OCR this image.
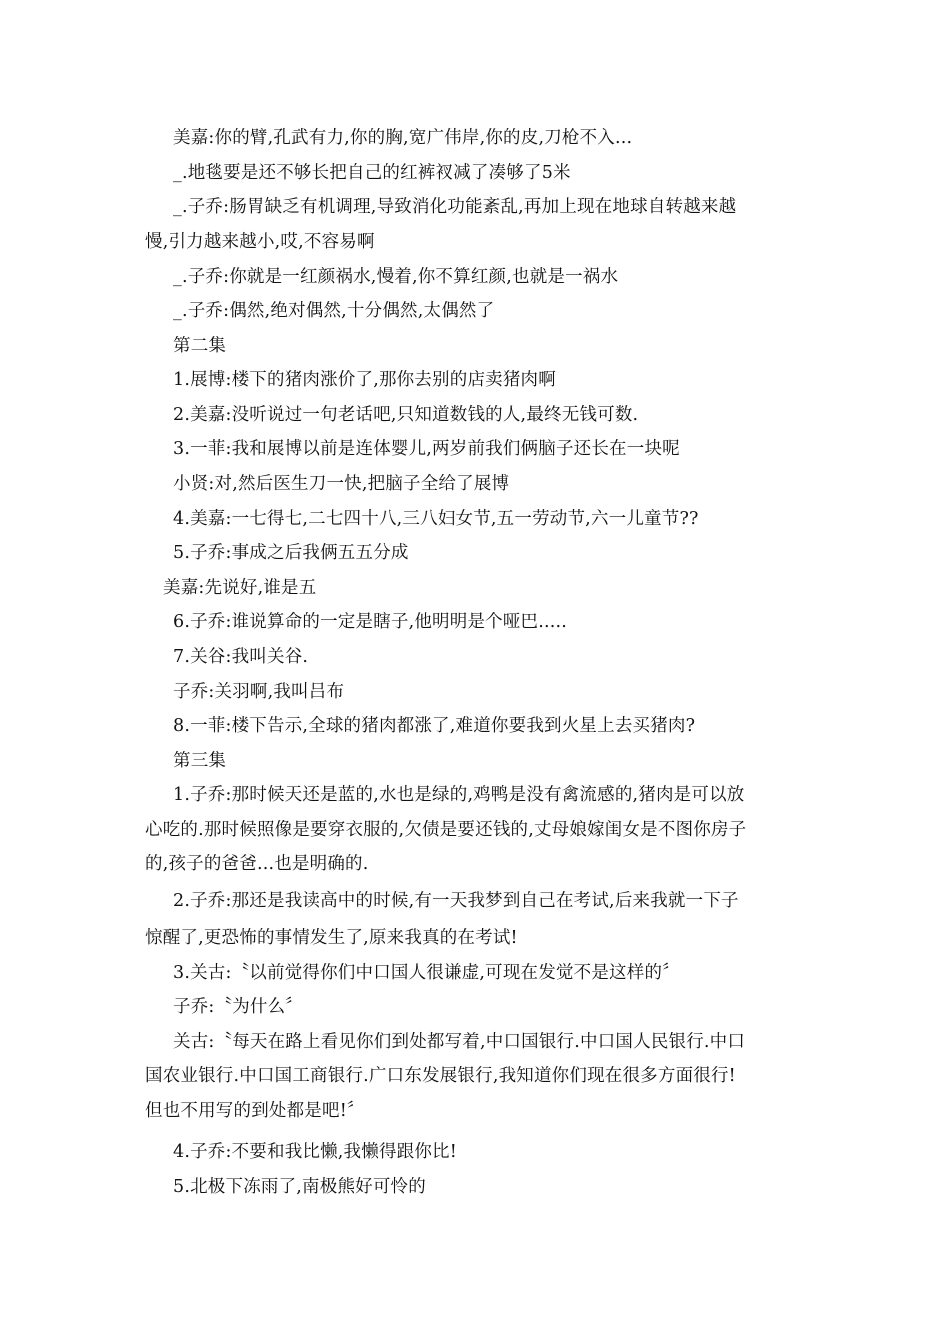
美嘉:你的臂,孔武有力,你的胸,宽广伟岸,你的皮,刀枪不入...
_.地毯要是还不够长把自己的红裤衩减了凑够了5米
_.子乔:肠胃缺乏有机调理,导致消化功能紊乱,再加上现在地球自转越来越
慢,引力越来越小,哎,不容易啊
_.子乔:你就是一红颜祸水,慢着,你不算红颜,也就是一祸水
_.子乔:偶然,绝对偶然,十分偶然,太偶然了
第二集
1.展博:楼下的猪肉涨价了,那你去别的店卖猪肉啊
2.美嘉:没听说过一句老话吧,只知道数钱的人,最终无钱可数.
3.一菲:我和展博以前是连体婴儿,两岁前我们俩脑子还长在一块呢
小贤:对,然后医生刀一快,把脑子全给了展博
4.美嘉:一七得七,二七四十八,三八妇女节,五一劳动节,六一儿童节??
5.子乔:事成之后我俩五五分成
美嘉:先说好,谁是五
6.子乔:谁说算命的一定是瞎子,他明明是个哑巴.....
7.关谷:我叫关谷.
子乔:关羽啊,我叫吕布
8.一菲:楼下告示,全球的猪肉都涨了,难道你要我到火星上去买猪肉?
第三集
1.子乔:那时候天还是蓝的,水也是绿的,鸡鸭是没有禽流感的,猪肉是可以放
心吃的.那时候照像是要穿衣服的,欠债是要还钱的,丈母娘嫁闺女是不图你房子
的,孩子的爸爸...也是明确的.
2.子乔:那还是我读高中的时候,有一天我梦到自己在考试,后来我就一下子
惊醒了,更恐怖的事情发生了,原来我真的在考试!
3.关古:〝以前觉得你们中口国人很谦虚,可现在发觉不是这样的〞
子乔:〝为什么〞
关古:〝每天在路上看见你们到处都写着,中口国银行.中口国人民银行.中口
国农业银行.中口国工商银行.广口东发展银行,我知道你们现在很多方面很行!
但也不用写的到处都是吧!〞
4.子乔:不要和我比懒,我懒得跟你比!
5.北极下冻雨了,南极熊好可怜的
